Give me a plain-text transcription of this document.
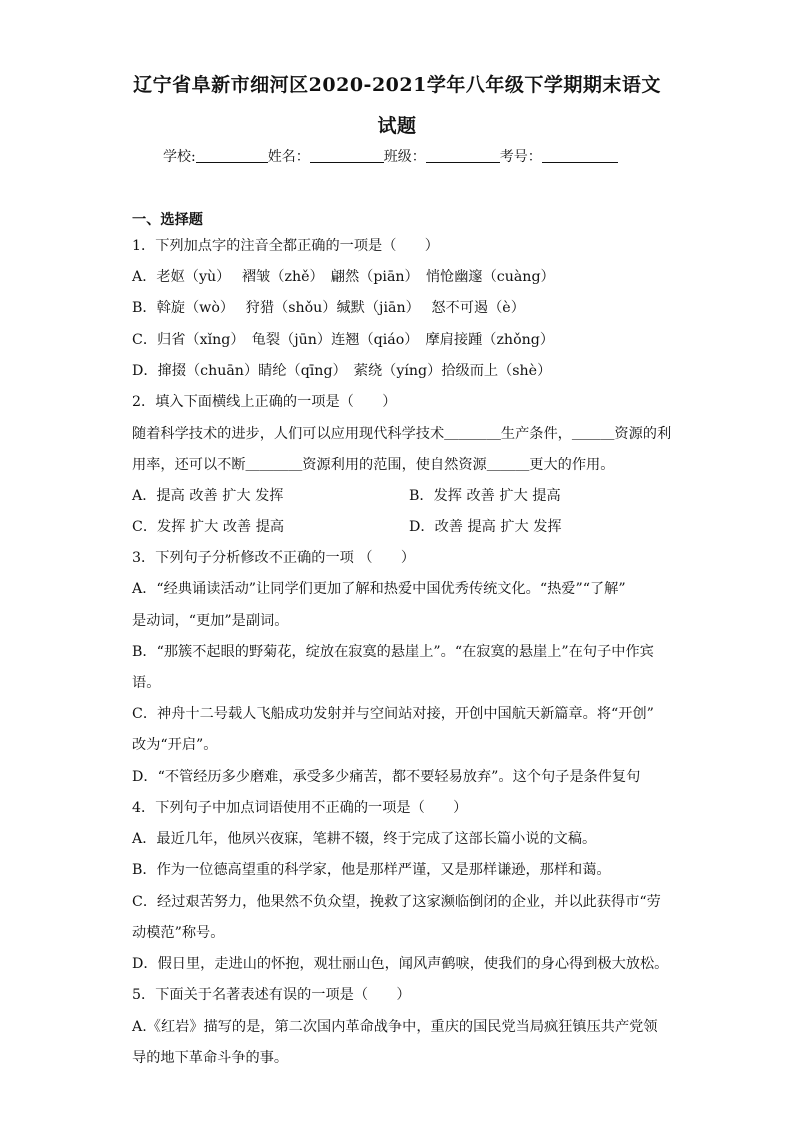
辽宁省阜新市细河区2020-2021学年八年级下学期期末语文
试题
学校:	姓名：	班级：	考号：
一、选择题
1．下列加点字的注音全都正确的一项是（　　）
A．老妪（yù）　 褶皱（zhě）　翩然（piān）　悄怆幽邃（cuàng）
B．斡旋（wò）　 狩猎（shǒu）缄默（jiān）　 怒不可遏（è）
C．归省（xǐng）　龟裂（jūn）连翘（qiáo）　摩肩接踵（zhǒng）
D．撺掇（chuān）睛纶（qīng）　萦绕（yíng）拾级而上（shè）
2．填入下面横线上正确的一项是（　　）
随着科学技术的进步，人们可以应用现代科学技术＿＿＿＿生产条件，＿＿＿资源的利
用率，还可以不断＿＿＿＿资源利用的范围，使自然资源＿＿＿更大的作用。
A．提高 改善 扩大 发挥	B．发挥 改善 扩大 提高
C．发挥 扩大 改善 提高	D．改善 提高 扩大 发挥
3．下列句子分析修改不正确的一项 （　　）
A．“经典诵读活动”让同学们更加了解和热爱中国优秀传统文化。“热爱”“了解”
是动词，“更加”是副词。
B．“那簇不起眼的野菊花，绽放在寂寞的悬崖上”。“在寂寞的悬崖上”在句子中作宾
语。
C．神舟十二号载人飞船成功发射并与空间站对接，开创中国航天新篇章。将“开创”
改为“开启”。
D．“不管经历多少磨难，承受多少痛苦，都不要轻易放弃”。这个句子是条件复句
4．下列句子中加点词语使用不正确的一项是（　　）
A．最近几年，他夙兴夜寐，笔耕不辍，终于完成了这部长篇小说的文稿。
B．作为一位德高望重的科学家，他是那样严谨，又是那样谦逊，那样和蔼。
C．经过艰苦努力，他果然不负众望，挽救了这家濒临倒闭的企业，并以此获得市“劳
动模范”称号。
D．假日里，走进山的怀抱，观壮丽山色，闻风声鹤唳，使我们的身心得到极大放松。
5．下面关于名著表述有误的一项是（　　）
A.《红岩》描写的是，第二次国内革命战争中，重庆的国民党当局疯狂镇压共产党领
导的地下革命斗争的事。
